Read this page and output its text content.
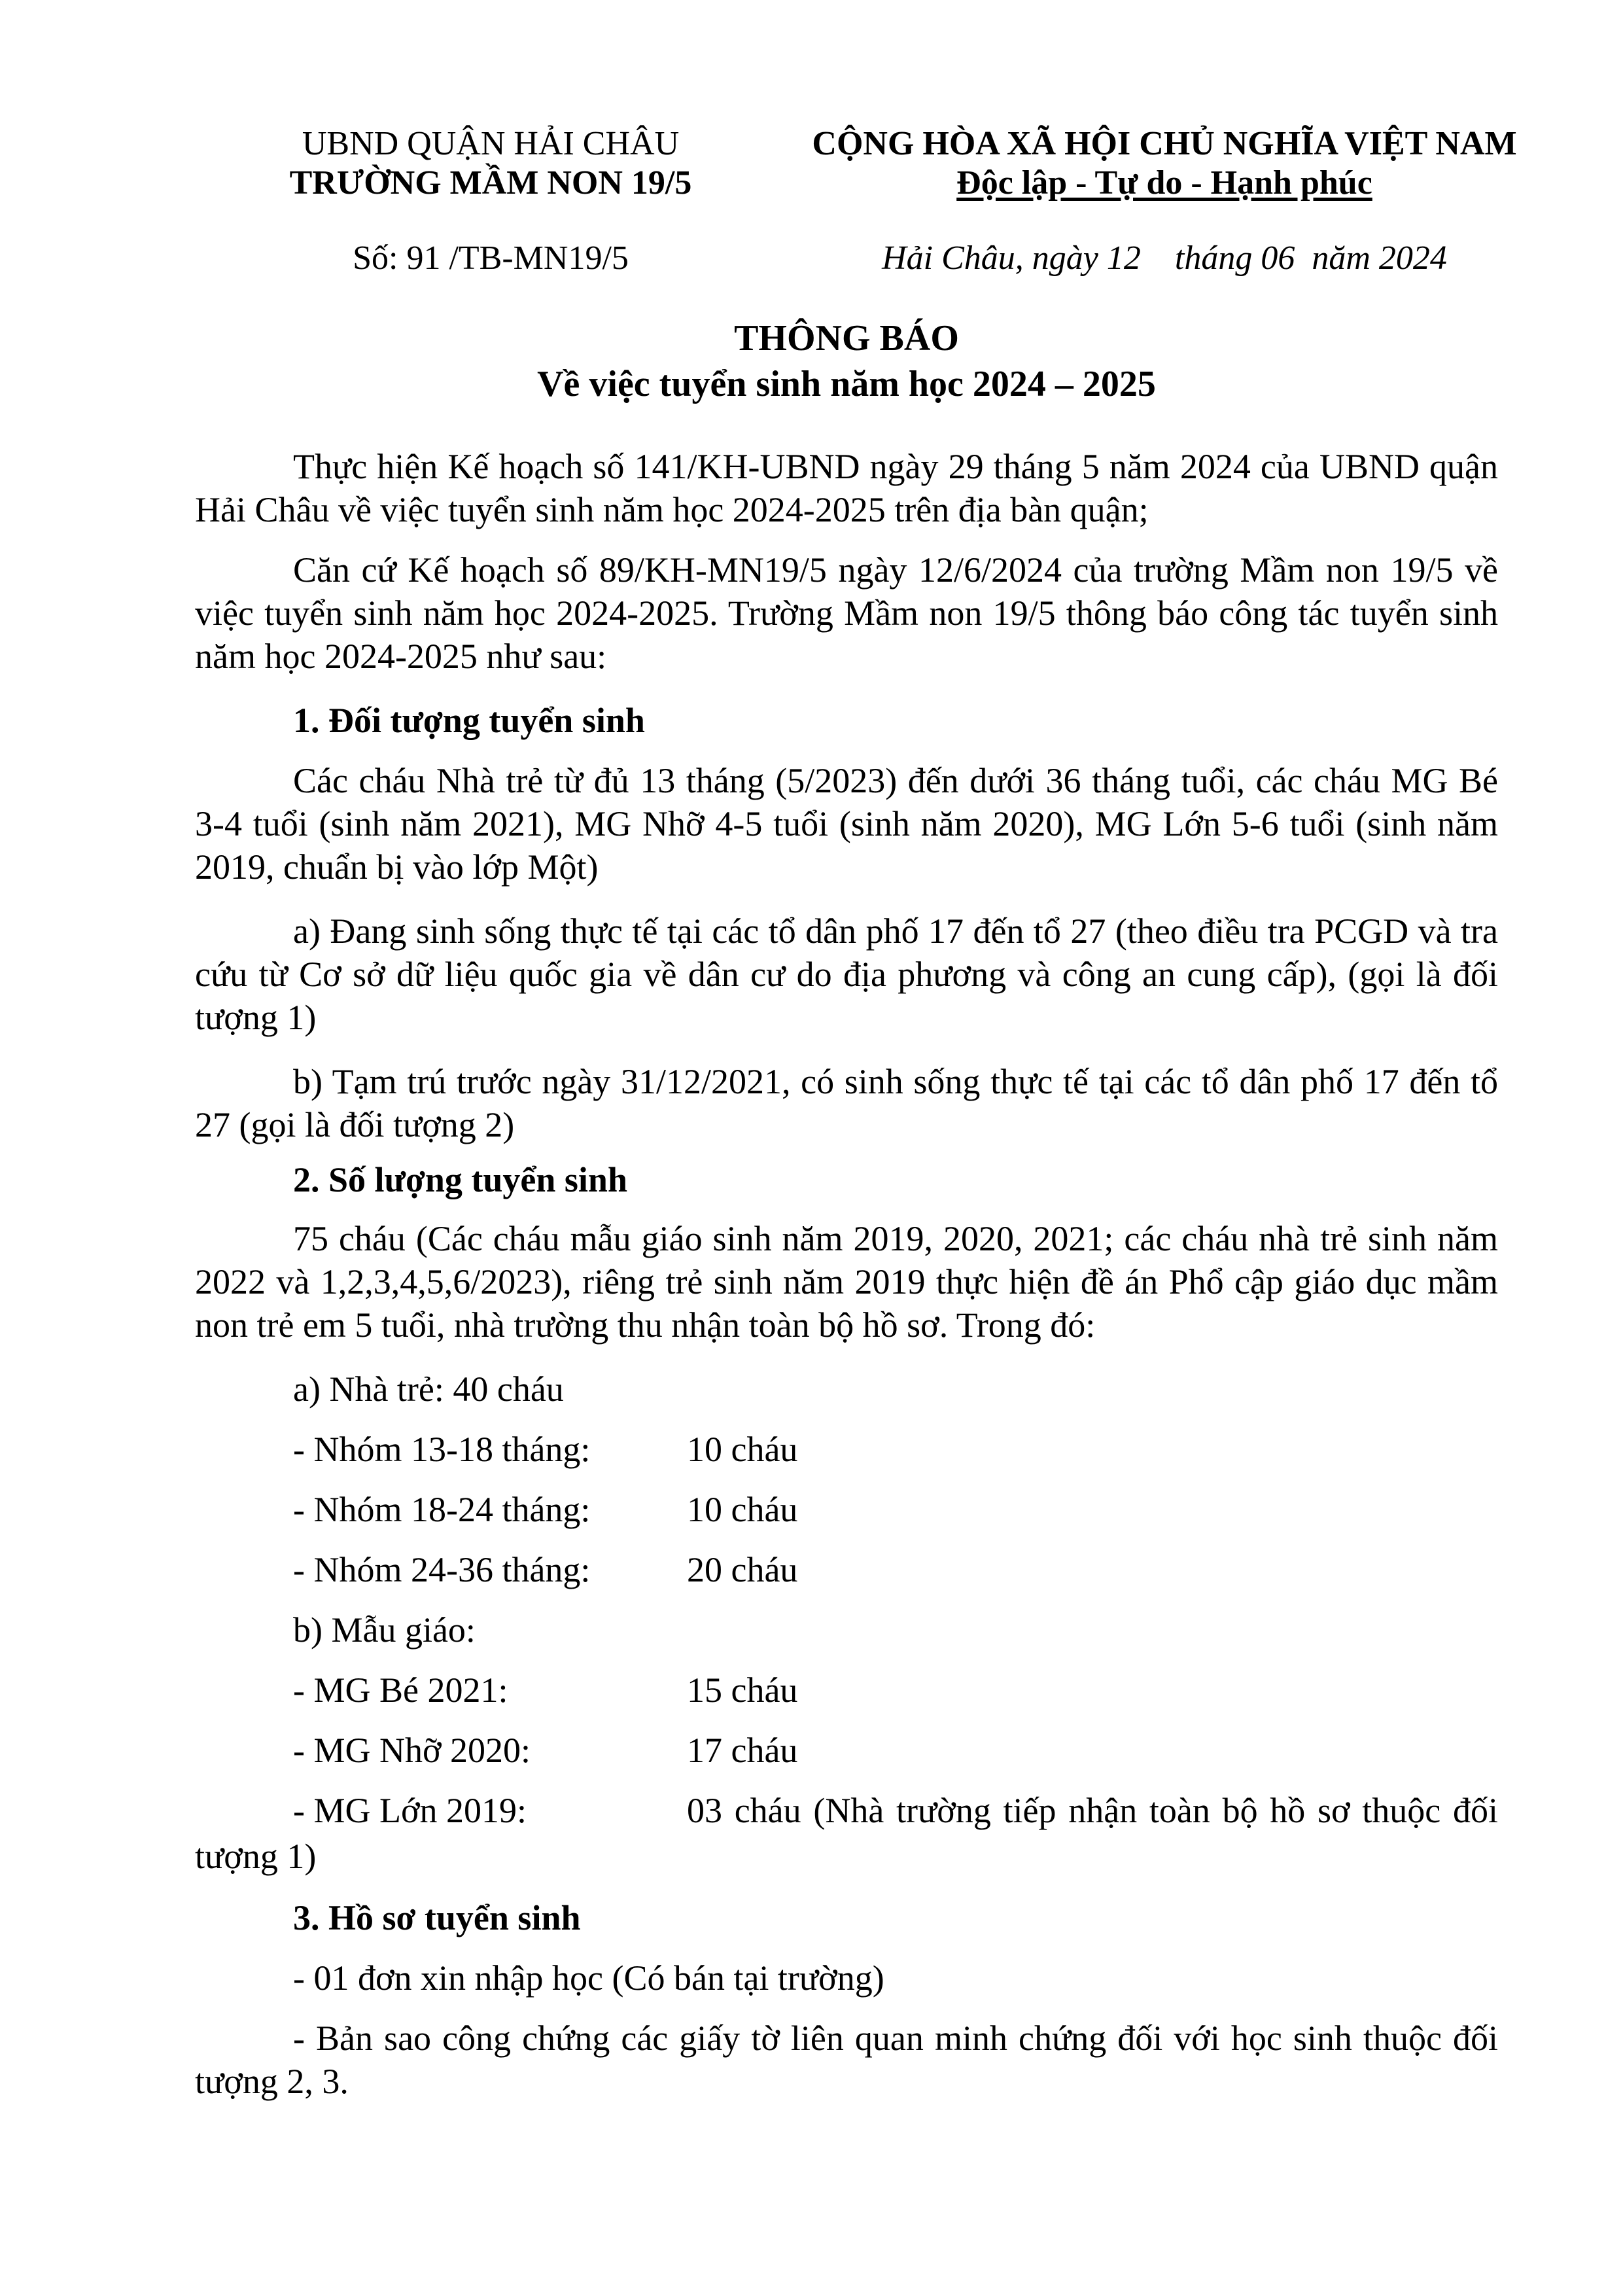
UBND QUẬN HẢI CHÂU
TRƯỜNG MẦM NON 19/5
CỘNG HÒA XÃ HỘI CHỦ NGHĨA VIỆT NAM
Độc lập - Tự do - Hạnh phúc
Số: 91 /TB-MN19/5	Hải Châu, ngày 12    tháng 06  năm 2024
THÔNG BÁO
Về việc tuyển sinh năm học 2024 – 2025
Thực hiện Kế hoạch số 141/KH-UBND ngày 29 tháng 5 năm 2024 của UBND quận Hải Châu về việc tuyển sinh năm học 2024-2025 trên địa bàn quận;
Căn cứ Kế hoạch số 89/KH-MN19/5 ngày 12/6/2024 của trường Mầm non 19/5 về việc tuyển sinh năm học 2024-2025. Trường Mầm non 19/5 thông báo công tác tuyển sinh năm học 2024-2025 như sau:
1. Đối tượng tuyển sinh
Các cháu Nhà trẻ từ đủ 13 tháng (5/2023) đến dưới 36 tháng tuổi, các cháu MG Bé 3-4 tuổi (sinh năm 2021), MG Nhỡ 4-5 tuổi (sinh năm 2020), MG Lớn 5-6 tuổi (sinh năm 2019, chuẩn bị vào lớp Một)
a) Đang sinh sống thực tế tại các tổ dân phố 17 đến tổ 27 (theo điều tra PCGD và tra cứu từ Cơ sở dữ liệu quốc gia về dân cư do địa phương và công an cung cấp), (gọi là đối tượng 1)
b) Tạm trú trước ngày 31/12/2021, có sinh sống thực tế tại các tổ dân phố 17 đến tổ 27 (gọi là đối tượng 2)
2. Số lượng tuyển sinh
75 cháu (Các cháu mẫu giáo sinh năm 2019, 2020, 2021; các cháu nhà trẻ sinh năm 2022 và 1,2,3,4,5,6/2023), riêng trẻ sinh năm 2019 thực hiện đề án Phổ cập giáo dục mầm non trẻ em 5 tuổi, nhà trường thu nhận toàn bộ hồ sơ. Trong đó:
a) Nhà trẻ: 40 cháu
- Nhóm 13-18 tháng:	10 cháu
- Nhóm 18-24 tháng:	10 cháu
- Nhóm 24-36 tháng:	20 cháu
b) Mẫu giáo:
- MG Bé 2021:	15 cháu
- MG Nhỡ 2020:	17 cháu
- MG Lớn 2019:	03 cháu (Nhà trường tiếp nhận toàn bộ hồ sơ thuộc đối
tượng 1)
3. Hồ sơ tuyển sinh
- 01 đơn xin nhập học (Có bán tại trường)
- Bản sao công chứng các giấy tờ liên quan minh chứng đối với học sinh thuộc đối tượng 2, 3.
